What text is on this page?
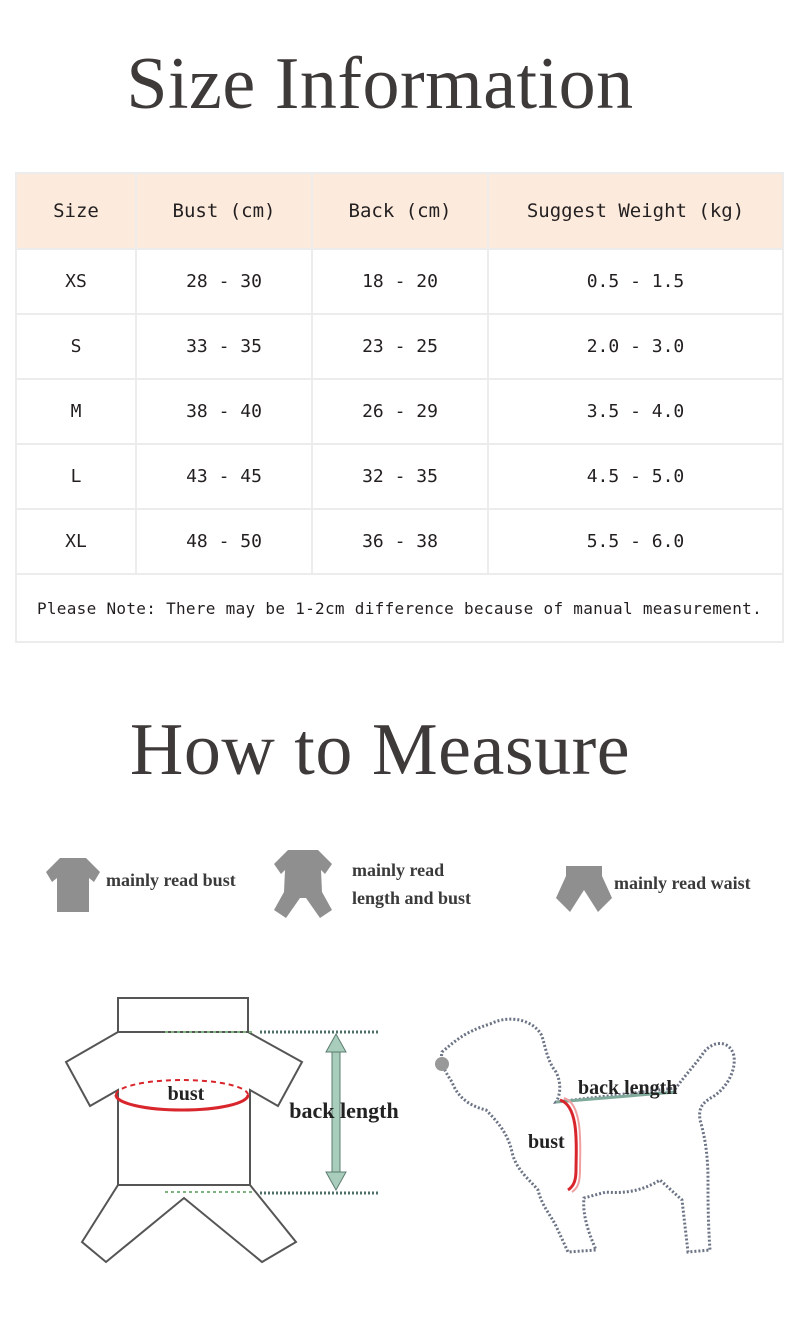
Size Information
Size	Bust (cm)	Back (cm)	Suggest Weight (kg)
XS	28 - 30	18 - 20	0.5 - 1.5
S	33 - 35	23 - 25	2.0 - 3.0
M	38 - 40	26 - 29	3.5 - 4.0
L	43 - 45	32 - 35	4.5 - 5.0
XL	48 - 50	36 - 38	5.5 - 6.0
Please Note: There may be 1-2cm difference because of manual measurement.			
How to Measure
mainly read bust	mainly read
length and bust
mainly read waist
bust
back length
back length
bust
